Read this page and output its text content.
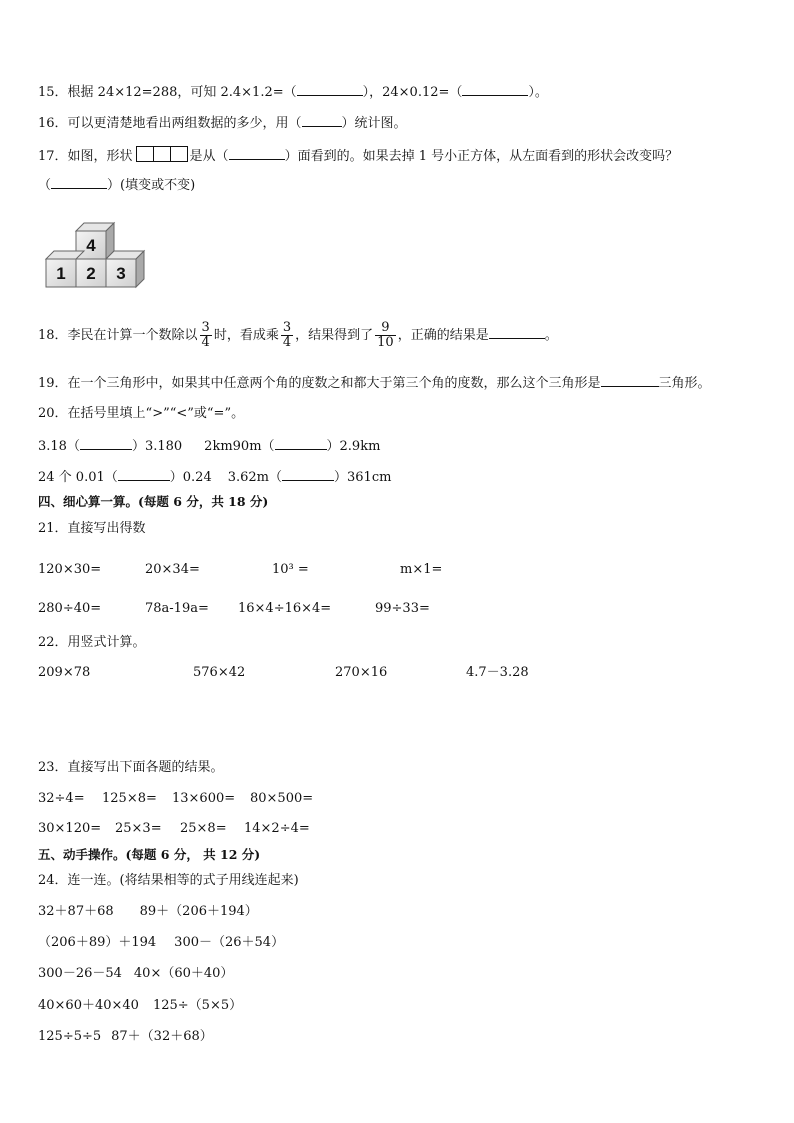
15．根据 24×12=288，可知 2.4×1.2=（	），24×0.12=（	）。
16．可以更清楚地看出两组数据的多少，用（	）统计图。
17．如图，形状	是从（	）面看到的。如果去掉 1 号小正方体，从左面看到的形状会改变吗？
（	）(填变或不变)
4
1 2 3
18．李民在计算一个数除以 $\frac{3}{4}$ 时，看成乘 $\frac{3}{4}$ ，结果得到了 $\frac{9}{10}$ ，正确的结果是	。
19．在一个三角形中，如果其中任意两个角的度数之和都大于第三个角的度数，那么这个三角形是	三角形。
20．在括号里填上“>”“<”或“=”。
3.18（	）3.180 2km90m（	）2.9km
24 个 0.01（	）0.24 3.62m（	）361cm
四、细心算一算。(每题 6 分，共 18 分)
21．直接写出得数
120×30=	20×34=	10³ =	m×1=
280÷40=	78a-19a= 16×4÷16×4=	99÷33=
22．用竖式计算。
209×78	576×42	270×16	4.7－3.28
23．直接写出下面各题的结果。
32÷4= 125×8= 13×600= 80×500=
30×120= 25×3= 25×8= 14×2÷4=
五、动手操作。(每题 6 分， 共 12 分)
24．连一连。(将结果相等的式子用线连起来)
32＋87＋68 89＋（206＋194）
（206＋89）＋194 300－（26＋54）
300－26－54 40×（60＋40）
40×60＋40×40 125÷（5×5）
125÷5÷5 87＋（32＋68）
